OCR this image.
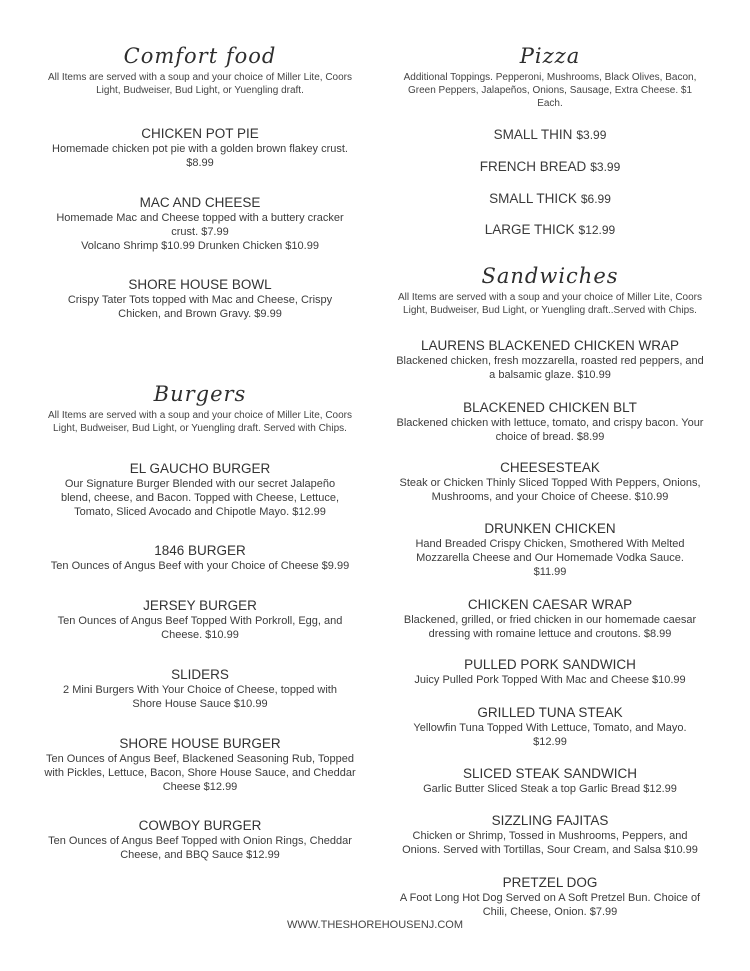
Comfort food
All Items are served with a soup and your choice of Miller Lite, Coors
Light, Budweiser, Bud Light, or Yuengling draft.
CHICKEN POT PIE
Homemade chicken pot pie with a golden brown flakey crust.
$8.99
MAC AND CHEESE
Homemade Mac and Cheese topped with a buttery cracker
crust. $7.99
Volcano Shrimp $10.99 Drunken Chicken $10.99
SHORE HOUSE BOWL
Crispy Tater Tots topped with Mac and Cheese, Crispy
Chicken, and Brown Gravy. $9.99
Burgers
All Items are served with a soup and your choice of Miller Lite, Coors
Light, Budweiser, Bud Light, or Yuengling draft. Served with Chips.
EL GAUCHO BURGER
Our Signature Burger Blended with our secret Jalapeño
blend, cheese, and Bacon. Topped with Cheese, Lettuce,
Tomato, Sliced Avocado and Chipotle Mayo. $12.99
1846 BURGER
Ten Ounces of Angus Beef with your Choice of Cheese $9.99
JERSEY BURGER
Ten Ounces of Angus Beef Topped With Porkroll, Egg, and
Cheese. $10.99
SLIDERS
2 Mini Burgers With Your Choice of Cheese, topped with
Shore House Sauce $10.99
SHORE HOUSE BURGER
Ten Ounces of Angus Beef, Blackened Seasoning Rub, Topped
with Pickles, Lettuce, Bacon, Shore House Sauce, and Cheddar
Cheese $12.99
COWBOY BURGER
Ten Ounces of Angus Beef Topped with Onion Rings, Cheddar
Cheese, and BBQ Sauce $12.99
Pizza
Additional Toppings. Pepperoni, Mushrooms, Black Olives, Bacon,
Green Peppers, Jalapeños, Onions, Sausage, Extra Cheese. $1
Each.
SMALL THIN $3.99
FRENCH BREAD $3.99
SMALL THICK $6.99
LARGE THICK $12.99
Sandwiches
All Items are served with a soup and your choice of Miller Lite, Coors
Light, Budweiser, Bud Light, or Yuengling draft..Served with Chips.
LAURENS BLACKENED CHICKEN WRAP
Blackened chicken, fresh mozzarella, roasted red peppers, and
a balsamic glaze. $10.99
BLACKENED CHICKEN BLT
Blackened chicken with lettuce, tomato, and crispy bacon. Your
choice of bread. $8.99
CHEESESTEAK
Steak or Chicken Thinly Sliced Topped With Peppers, Onions,
Mushrooms, and your Choice of Cheese. $10.99
DRUNKEN CHICKEN
Hand Breaded Crispy Chicken, Smothered With Melted
Mozzarella Cheese and Our Homemade Vodka Sauce.
$11.99
CHICKEN CAESAR WRAP
Blackened, grilled, or fried chicken in our homemade caesar
dressing with romaine lettuce and croutons. $8.99
PULLED PORK SANDWICH
Juicy Pulled Pork Topped With Mac and Cheese $10.99
GRILLED TUNA STEAK
Yellowfin Tuna Topped With Lettuce, Tomato, and Mayo.
$12.99
SLICED STEAK SANDWICH
Garlic Butter Sliced Steak a top Garlic Bread $12.99
SIZZLING FAJITAS
Chicken or Shrimp, Tossed in Mushrooms, Peppers, and
Onions. Served with Tortillas, Sour Cream, and Salsa $10.99
PRETZEL DOG
A Foot Long Hot Dog Served on A Soft Pretzel Bun. Choice of
Chili, Cheese, Onion. $7.99
WWW.THESHOREHOUSENJ.COM
